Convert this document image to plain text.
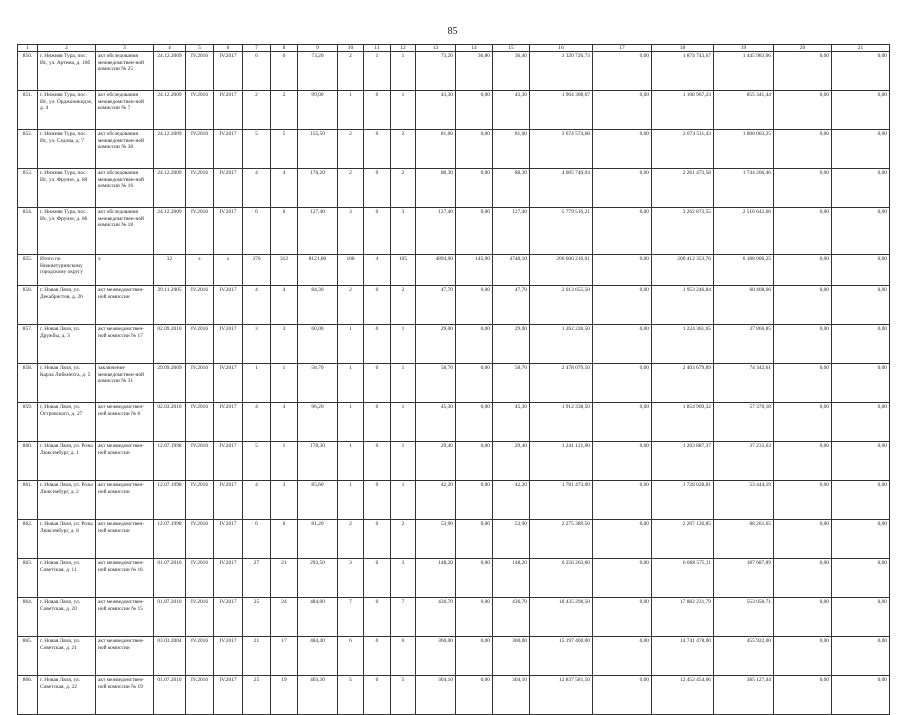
85
1	2	3	4	5	6	7	8	9	10	11	12	13	14	15	16	17	18	19	20	21
850.	г. Нижняя Тура, пос. Ис, ул. Артема, д. 16б	акт обследования межведомствен-ной комиссии № 25	24.12.2009	IV.2016	IV.2017	6	6	73,20	2	1	1	73,20	36,80	36,40	3 320 726,73	0,00	1 874 743,67	1 445 983,06	0,00	0,00
851.	г. Нижняя Тура, пос. Ис, ул. Орджоникидзе, д. 4	акт обследования межведомствен-ной комиссии № 7	24.12.2009	IV.2016	IV.2017	2	2	99,00	1	0	1	43,30	0,00	43,30	1 964 308,67	0,00	1 108 967,23	855 341,44	0,00	0,00
852.	г. Нижняя Тура, пос. Ис, ул. Седова, д. 7	акт обследования межведомствен-ной комиссии № 38	24.12.2009	IV.2016	IV.2017	5	5	155,50	2	0	2	81,00	0,00	81,00	3 674 574,68	0,00	2 074 511,43	1 600 063,25	0,00	0,00
853.	г. Нижняя Тура, пос. Ис, ул. Фрунзе, д. 80	акт обследования межведомствен-ной комиссии № 16	24.12.2009	IV.2016	IV.2017	4	4	176,20	2	0	2	88,30	0,00	88,30	4 005 740,04	0,00	2 261 473,58	1 744 266,46	0,00	0,00
854.	г. Нижняя Тура, пос. Ис, ул. Фрунзе, д. 86	акт обследования межведомствен-ной комиссии № 18	24.12.2009	IV.2016	IV.2017	6	6	127,40	3	0	3	127,40	0,00	127,40	5 779 516,21	0,00	3 262 873,55	2 516 642,66	0,00	0,00
855.	Итого по Нижнетуринскому городскому округу	х	32	х	х	376	312	8121,80	108	4	105	4894,00	145,90	4748,10	206 600 210,01	0,00	200 412 353,76	6 188 006,25	0,00	0,00
856.	г. Новая Ляля, ул. Декабристов, д. 26	акт межведомствен-ной комиссии	29.11.2005	IV.2016	IV.2017	4	4	84,30	2	0	2	47,70	0,00	47,70	2 013 655,50	0,00	1 953 246,84	60 408,66	0,00	0,00
857.	г. Новая Ляля, ул. Дружбы, д. 3	акт межведомствен-ной комиссии № 17	02.09.2010	IV.2016	IV.2017	3	3	60,00	1	0	1	29,00	0,00	29,00	1 262 228,50	0,00	1 224 361,65	37 866,85	0,00	0,00
858.	г. Новая Ляля, ул. Карла Либкнехта, д. 5	заключение межведомствен-ной комиссии № 31	29.09.2009	IV.2016	IV.2017	1	1	58,70	1	0	1	58,70	0,00	58,70	2 478 079,50	0,00	2 403 679,89	74 342,61	0,00	0,00
859.	г. Новая Ляля, ул. Островского, д. 27	акт межведомствен-ной комиссии № 6	02.03.2010	IV.2016	IV.2017	4	4	96,20	1	0	1	45,30	0,00	45,30	1 912 338,50	0,00	1 854 969,32	57 370,18	0,00	0,00
860.	г. Новая Ляля, ул. Розы Люксембург, д. 1	акт межведомствен-ной комиссии	12.07.1998	IV.2016	IV.2017	5	1	178,30	1	0	1	29,40	0,00	29,40	1 241 121,00	0,00	1 203 887,37	37 233,63	0,00	0,00
861.	г. Новая Ляля, ул. Розы Люксембург, д. 2	акт межведомствен-ной комиссии	12.07.1998	IV.2016	IV.2017	4	3	85,60	1	0	1	42,20	0,00	42,20	1 781 473,00	0,00	1 728 028,81	53 444,19	0,00	0,00
862.	г. Новая Ляля, ул. Розы Люксембург, д. 8	акт межведомствен-ной комиссии	12.07.1998	IV.2016	IV.2017	6	6	81,20	2	0	2	53,90	0,00	53,90	2 275 389,50	0,00	2 207 126,85	68 261,65	0,00	0,00
863.	г. Новая Ляля, ул. Советская, д. 11	акт межведомствен-ной комиссии № 16	01.07.2010	IV.2016	IV.2017	27	21	293,50	3	0	3	148,20	0,00	148,20	6 256 263,00	0,00	6 068 575,11	187 687,89	0,00	0,00
864.	г. Новая Ляля, ул. Советская, д. 20	акт межведомствен-ной комиссии № 15	01.07.2010	IV.2016	IV.2017	25	24	484,00	7	0	7	436,70	0,00	436,70	18 435 290,50	0,00	17 882 231,79	553 058,71	0,00	0,00
865.	г. Новая Ляля, ул. Советская, д. 21	акт межведомствен-ной комиссии	03.03.2004	IV.2016	IV.2017	21	17	484,40	6	0	6	360,00	0,00	360,00	15 197 400,00	0,00	14 741 478,00	455 922,00	0,00	0,00
866.	г. Новая Ляля, ул. Советская, д. 22	акт межведомствен-ной комиссии № 19	01.07.2010	IV.2016	IV.2017	25	19	403,30	5	0	5	304,10	0,00	304,10	12 837 581,50	0,00	12 452 454,06	385 127,44	0,00	0,00
